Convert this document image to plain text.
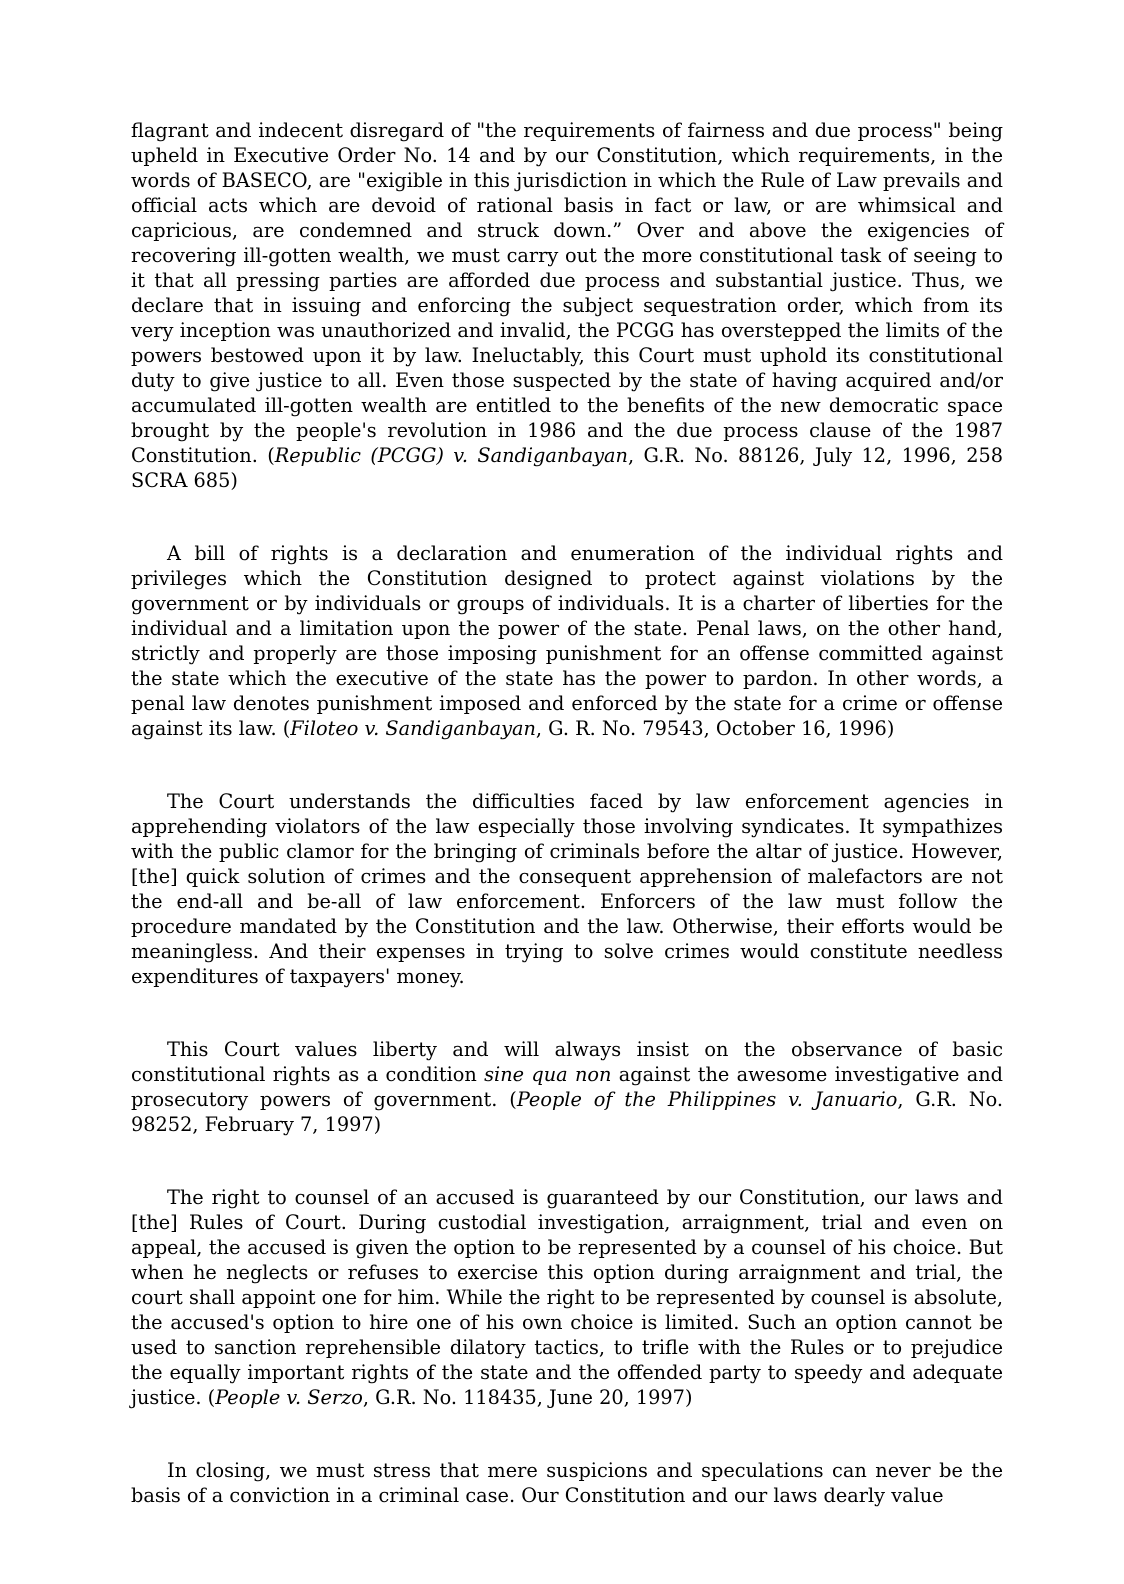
flagrant and indecent disregard of "the requirements of fairness and due process" being upheld in Executive Order No. 14 and by our Constitution, which requirements, in the words of BASECO, are "exigible in this jurisdiction in which the Rule of Law prevails and official acts which are devoid of rational basis in fact or law, or are whimsical and capricious, are condemned and struck down.” Over and above the exigencies of recovering ill-gotten wealth, we must carry out the more constitutional task of seeing to it that all pressing parties are afforded due process and substantial justice. Thus, we declare that in issuing and enforcing the subject sequestration order, which from its very inception was unauthorized and invalid, the PCGG has overstepped the limits of the powers bestowed upon it by law. Ineluctably, this Court must uphold its constitutional duty to give justice to all. Even those suspected by the state of having acquired and/or accumulated ill-gotten wealth are entitled to the benefits of the new democratic space brought by the people's revolution in 1986 and the due process clause of the 1987 Constitution. (Republic (PCGG) v. Sandiganbayan, G.R. No. 88126, July 12, 1996, 258 SCRA 685)

A bill of rights is a declaration and enumeration of the individual rights and privileges which the Constitution designed to protect against violations by the government or by individuals or groups of individuals. It is a charter of liberties for the individual and a limitation upon the power of the state. Penal laws, on the other hand, strictly and properly are those imposing punishment for an offense committed against the state which the executive of the state has the power to pardon. In other words, a penal law denotes punishment imposed and enforced by the state for a crime or offense against its law. (Filoteo v. Sandiganbayan, G. R. No. 79543, October 16, 1996)

The Court understands the difficulties faced by law enforcement agencies in apprehending violators of the law especially those involving syndicates. It sympathizes with the public clamor for the bringing of criminals before the altar of justice. However, [the] quick solution of crimes and the consequent apprehension of malefactors are not the end-all and be-all of law enforcement. Enforcers of the law must follow the procedure mandated by the Constitution and the law. Otherwise, their efforts would be meaningless. And their expenses in trying to solve crimes would constitute needless expenditures of taxpayers' money.

This Court values liberty and will always insist on the observance of basic constitutional rights as a condition sine qua non against the awesome investigative and prosecutory powers of government. (People of the Philippines v. Januario, G.R. No. 98252, February 7, 1997)

The right to counsel of an accused is guaranteed by our Constitution, our laws and [the] Rules of Court. During custodial investigation, arraignment, trial and even on appeal, the accused is given the option to be represented by a counsel of his choice. But when he neglects or refuses to exercise this option during arraignment and trial, the court shall appoint one for him. While the right to be represented by counsel is absolute, the accused's option to hire one of his own choice is limited. Such an option cannot be used to sanction reprehensible dilatory tactics, to trifle with the Rules or to prejudice the equally important rights of the state and the offended party to speedy and adequate justice. (People v. Serzo, G.R. No. 118435, June 20, 1997)

In closing, we must stress that mere suspicions and speculations can never be the basis of a conviction in a criminal case. Our Constitution and our laws dearly value
